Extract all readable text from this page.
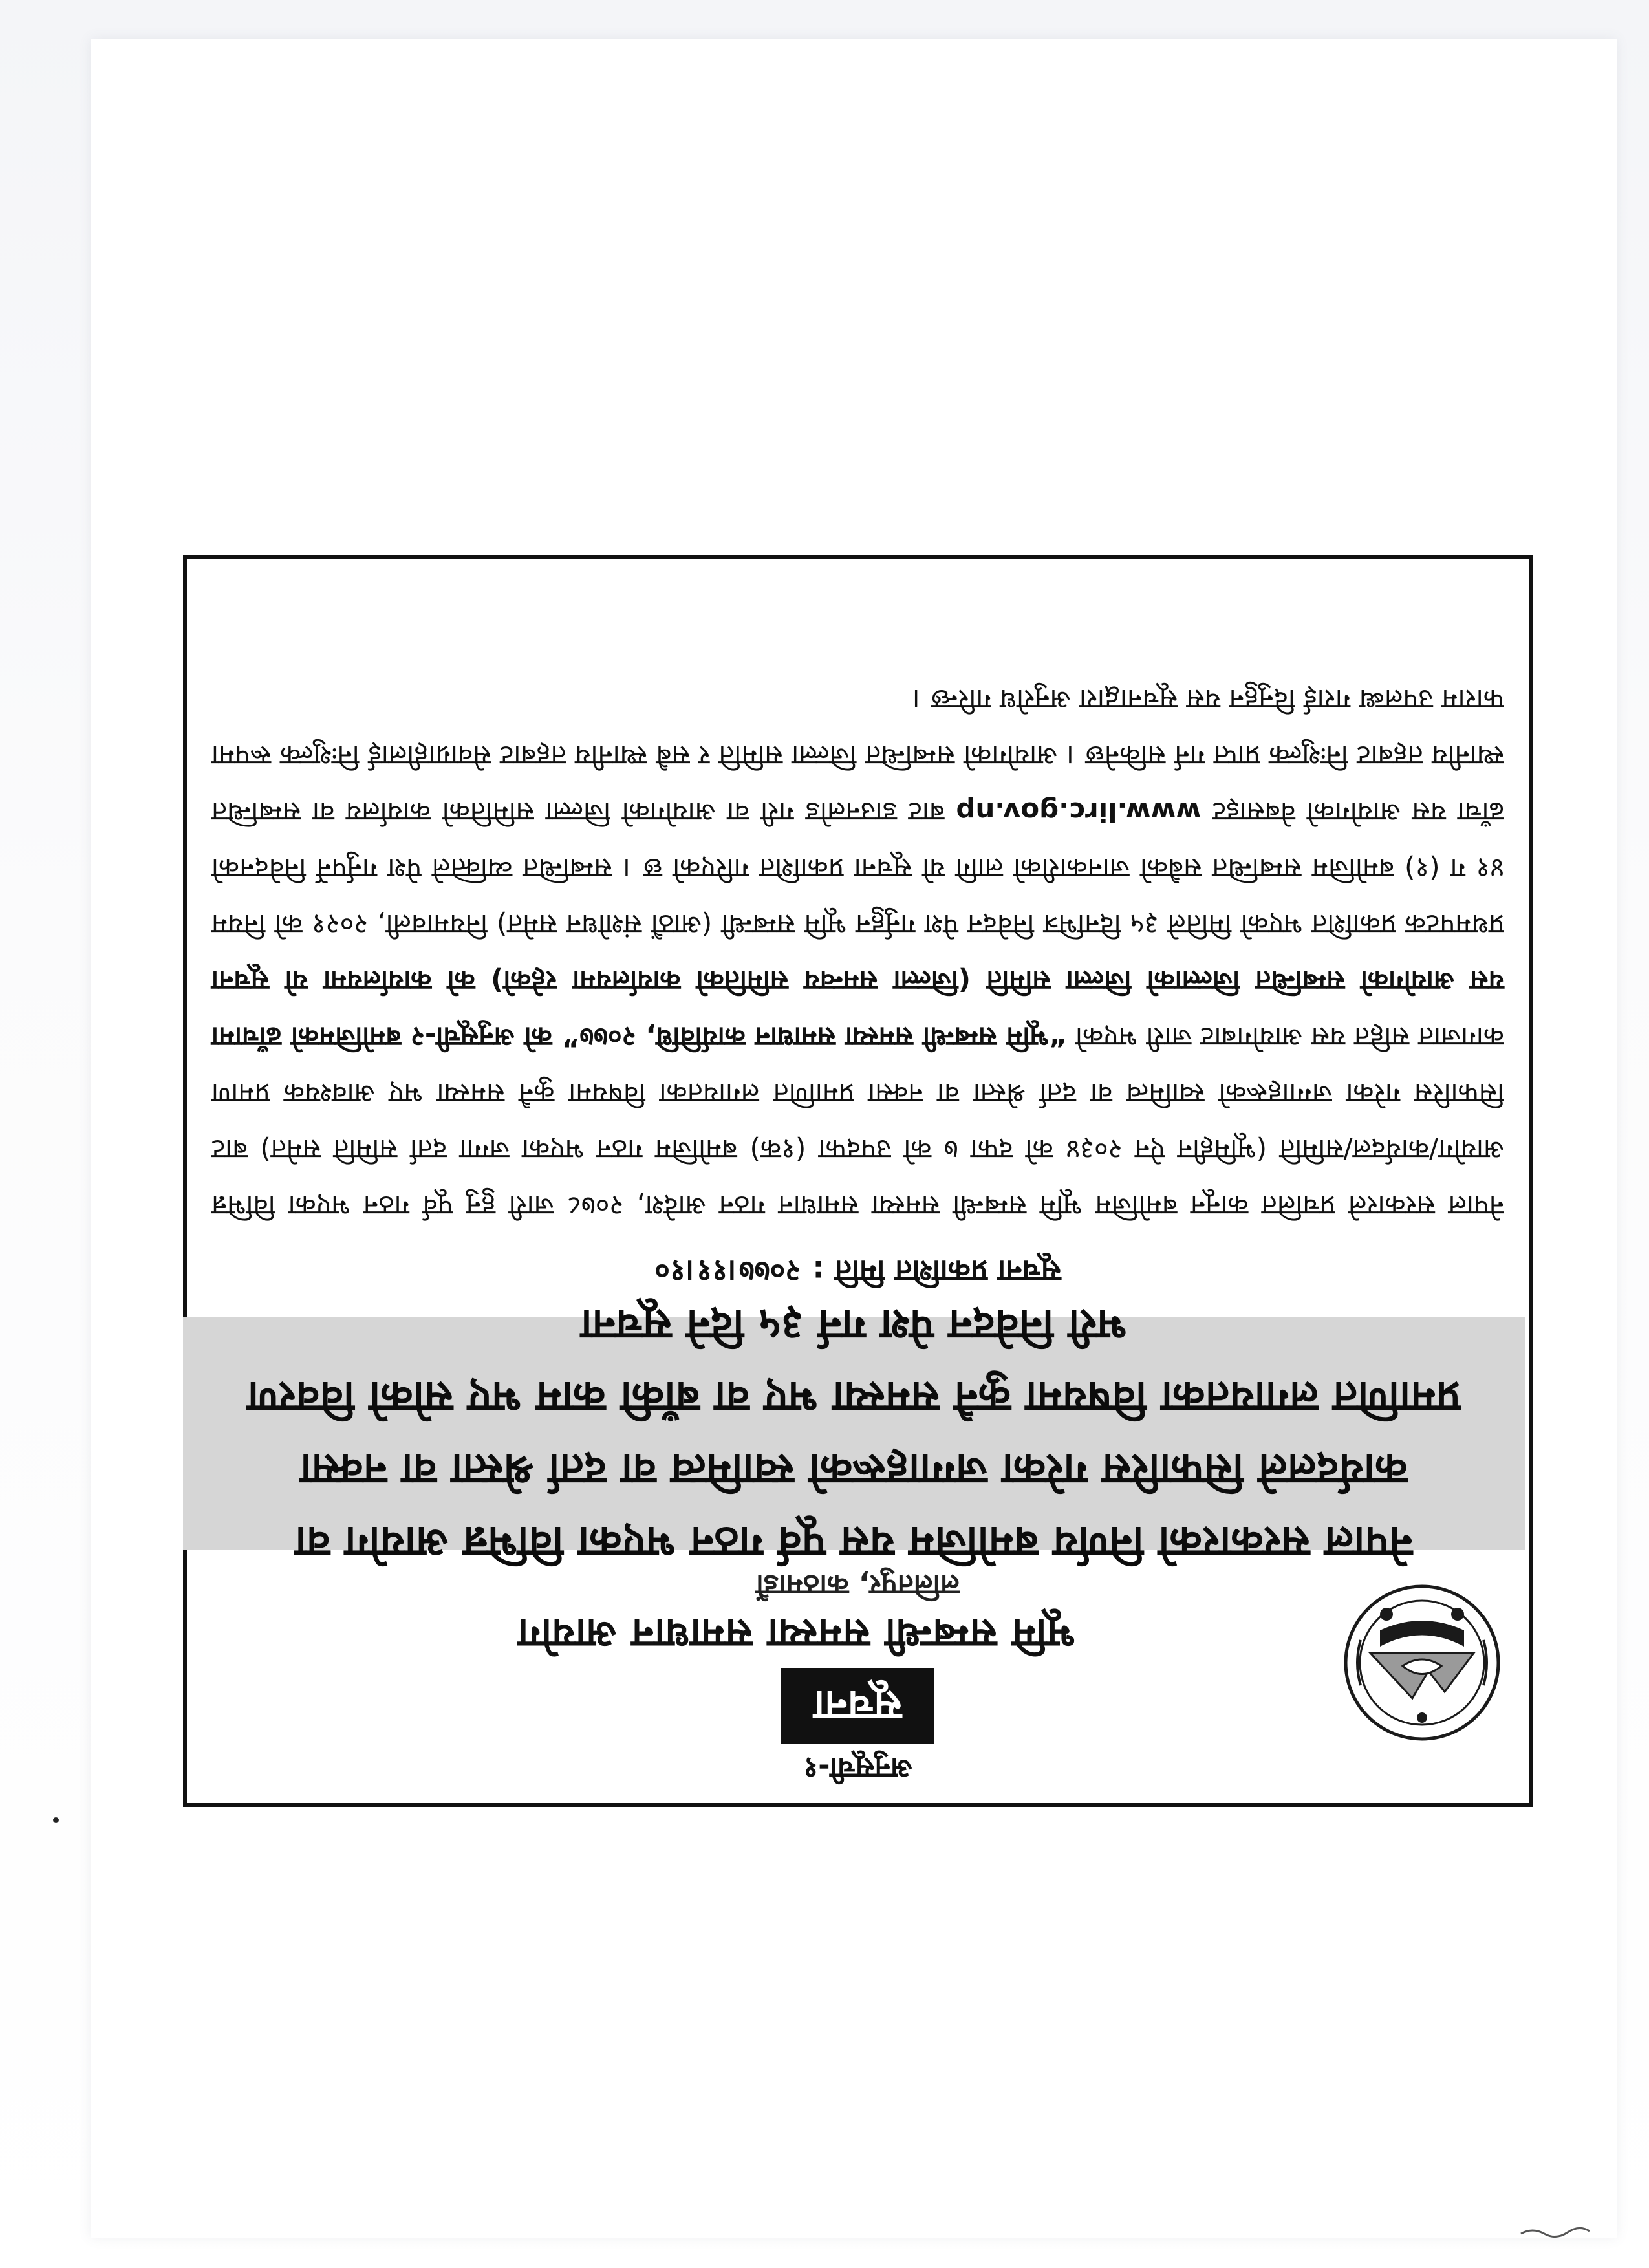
अनुसूची-१
सूचना
भूमि सम्बन्धी समस्या समाधान आयोग
ललितपुर, काठमाडौं
नेपाल सरकारको निर्णय बमोजिम यस पूर्व गठन भएका विभिन्न आयोग वा कार्यदलले सिफारिस गरेका जग्गाहरूको स्वामित्व वा दर्ता श्रेस्ता वा नक्सा प्रमाणित लगायतका विषयमा कुनै समस्या भए वा बाँकी काम भए सोको विवरण भरी निवेदन पेश गर्न ३५ दिने सूचना
सूचना प्रकाशित मिति :२०७७।११।१०
नेपाल सरकारले प्रचलित कानून बमोजिम भूमि सम्बन्धी समस्या समाधान गठन आदेश, २०७८ जारी हुनु पूर्व गठन भएका विभिन्न आयोग/कार्यदल/समिति (भूमिहीन ऐन २०३४ को दफा ७ को उपदफा (१क) बमोजिम गठन भएका जग्गा दर्ता समिति समेत) बाट सिफारिस गरेका जग्गाहरूको स्वामित्व वा दर्ता श्रेस्ता वा नक्सा प्रमाणित लगायतका विषयमा कुनै समस्या भए आवश्यक प्रमाण कागजात सहित यस आयोगबाट जारी भएको “भूमि सम्बन्धी समस्या समाधान कार्यविधि, २०७७” को अनुसूची-२ बमोजिमको ढाँचामा यस आयोगको सम्बन्धित जिल्लाको जिल्ला समिति (जिल्ला समन्वय समितिको कार्यालयमा रहेको) को कार्यालयमा यो सूचना प्रथमपटक प्रकाशित भएको मितिले ३५ दिनभित्र निवेदन पेश गर्नुहुन भूमि सम्बन्धी (आठौं संशोधन समेत) नियमावली, २०२१ को नियम ४१ ग (१) बमोजिम सम्बन्धित सबैको जानकारीको लागि यो सूचना प्रकाशित गरिएको छ । सम्बन्धित व्यक्तिले पेश गर्नुपर्ने निवेदनको ढाँचा यस आयोगको वेबसाइट www.lirc.gov.np बाट डाउनलोड गरी वा आयोगको जिल्ला समितिको कार्यालय वा सम्बन्धित स्थानीय तहबाट निःशुल्क प्राप्त गर्न सकिनेछ । आयोगको सम्बन्धित जिल्ला समिति र सबै स्थानीय तहबाट सेवाग्राहीलाई निःशुल्क रूपमा फाराम उपलब्ध गराई दिनुहुन यस सूचनाद्वारा अनुरोध गरिन्छ ।
